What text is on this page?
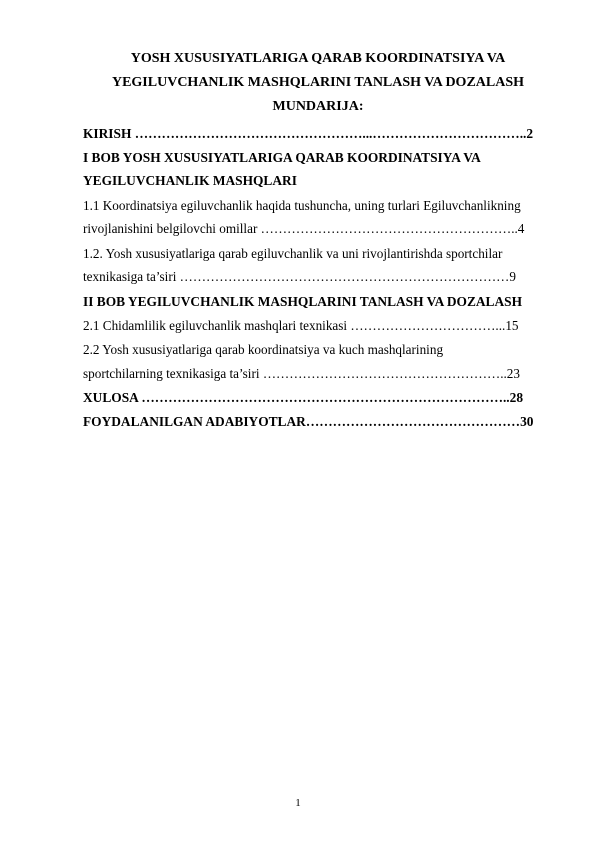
YOSH XUSUSIYATLARIGA QARAB KOORDINATSIYA VA
YEGILUVCHANLIK MASHQLARINI TANLASH VA DOZALASH
MUNDARIJA:
KIRISH ……………………………………………...……………………………..2
I BOB YOSH XUSUSIYATLARIGA QARAB KOORDINATSIYA VA
YEGILUVCHANLIK MASHQLARI
1.1 Koordinatsiya egiluvchanlik haqida tushuncha, uning turlari Egiluvchanlikning
rivojlanishini belgilovchi omillar …………………………………………………..4
1.2. Yosh xususiyatlariga qarab egiluvchanlik va uni rivojlantirishda sportchilar
texnikasiga ta’siri …………………………………………………………………9
II BOB YEGILUVCHANLIK MASHQLARINI TANLASH VA DOZALASH
2.1 Chidamlilik egiluvchanlik mashqlari texnikasi ……………………………...15
2.2 Yosh xususiyatlariga qarab koordinatsiya va kuch mashqlarining
sportchilarning texnikasiga ta’siri ………………………………………………..23
XULOSA ………………………………………………………………………..28
FOYDALANILGAN ADABIYOTLAR…………………………………………30
1
